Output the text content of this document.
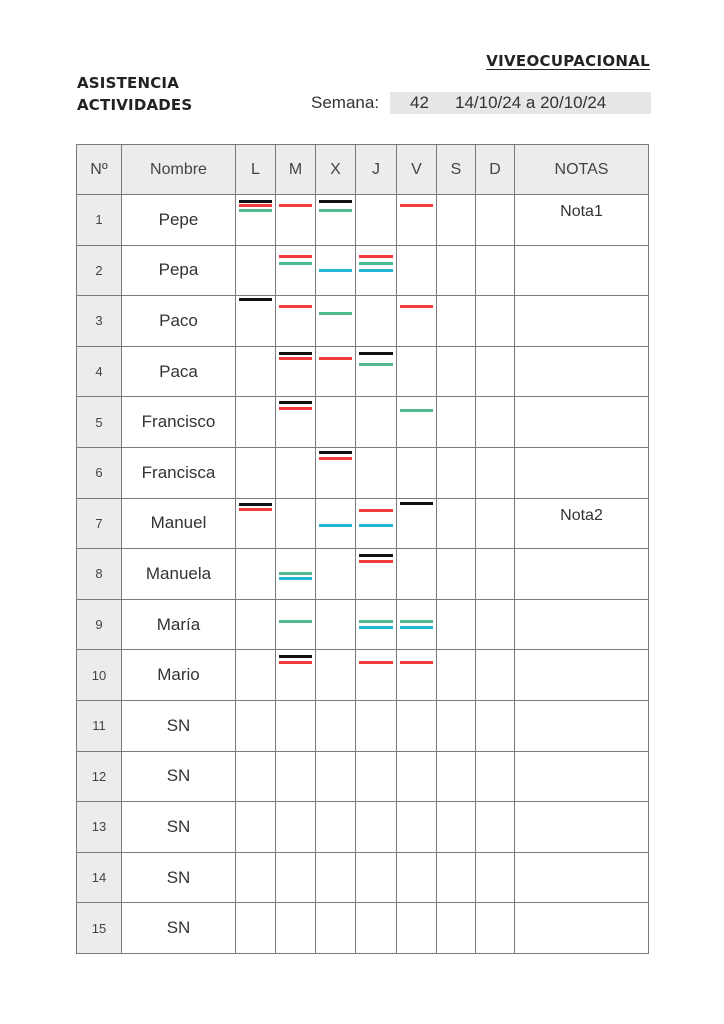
VIVEOCUPACIONAL
ASISTENCIA
ACTIVIDADES	Semana: 42 14/10/24 a 20/10/24
Nº	Nombre	L	M	X	J	V	S	D	NOTAS
1	Pepe								Nota1

2	Pepa	

3	Paco	

4	Paca	

5	Francisco	

6	Francisca	

7	Manuel								Nota2

8	Manuela	

9	María	

10	Mario	

11	SN	

12	SN	

13	SN	

14	SN	

15	SN	
